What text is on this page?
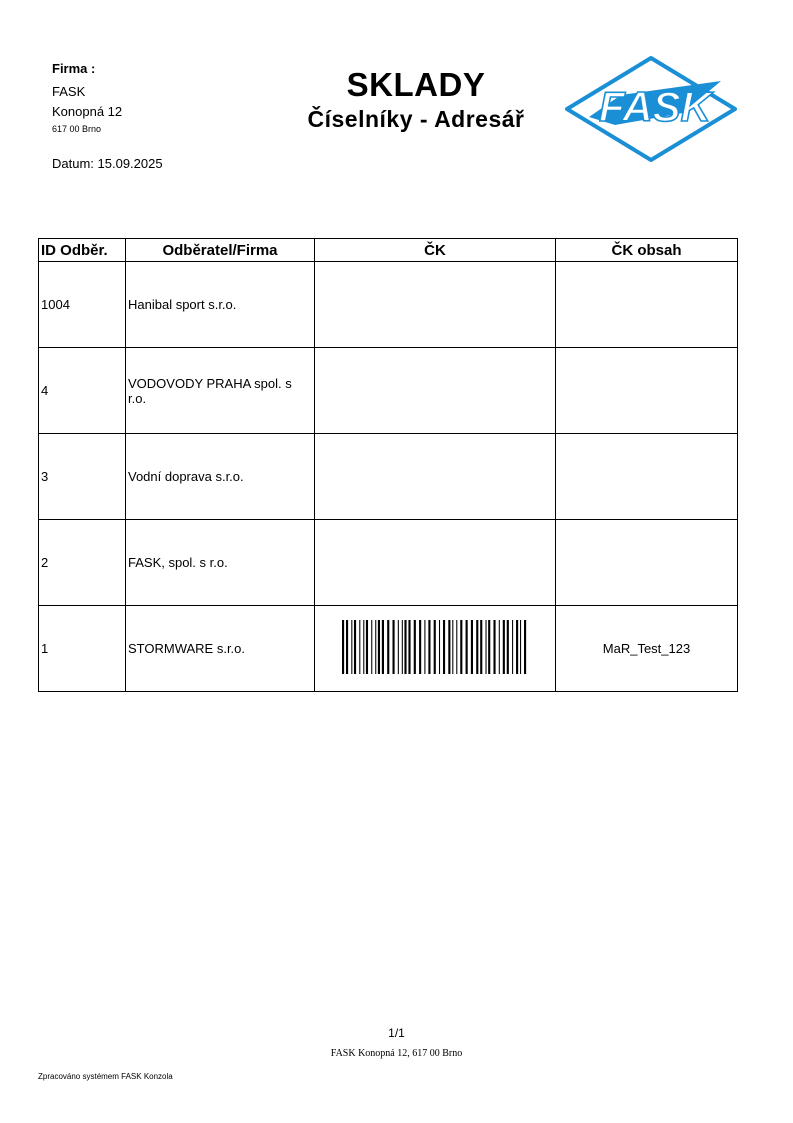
Firma :
FASK
Konopná 12
617 00 Brno
Datum: 15.09.2025
SKLADY
Číselníky - Adresář	FASK
ID Odběr.	Odběratel/Firma	ČK	ČK obsah
1004	Hanibal sport s.r.o.		
4	VODOVODY PRAHA spol. s r.o.		
3	Vodní doprava s.r.o.		
2	FASK, spol. s r.o.		
1	STORMWARE s.r.o.		MaR_Test_123
1/1
FASK Konopná 12, 617 00 Brno
Zpracováno systémem FASK Konzola
